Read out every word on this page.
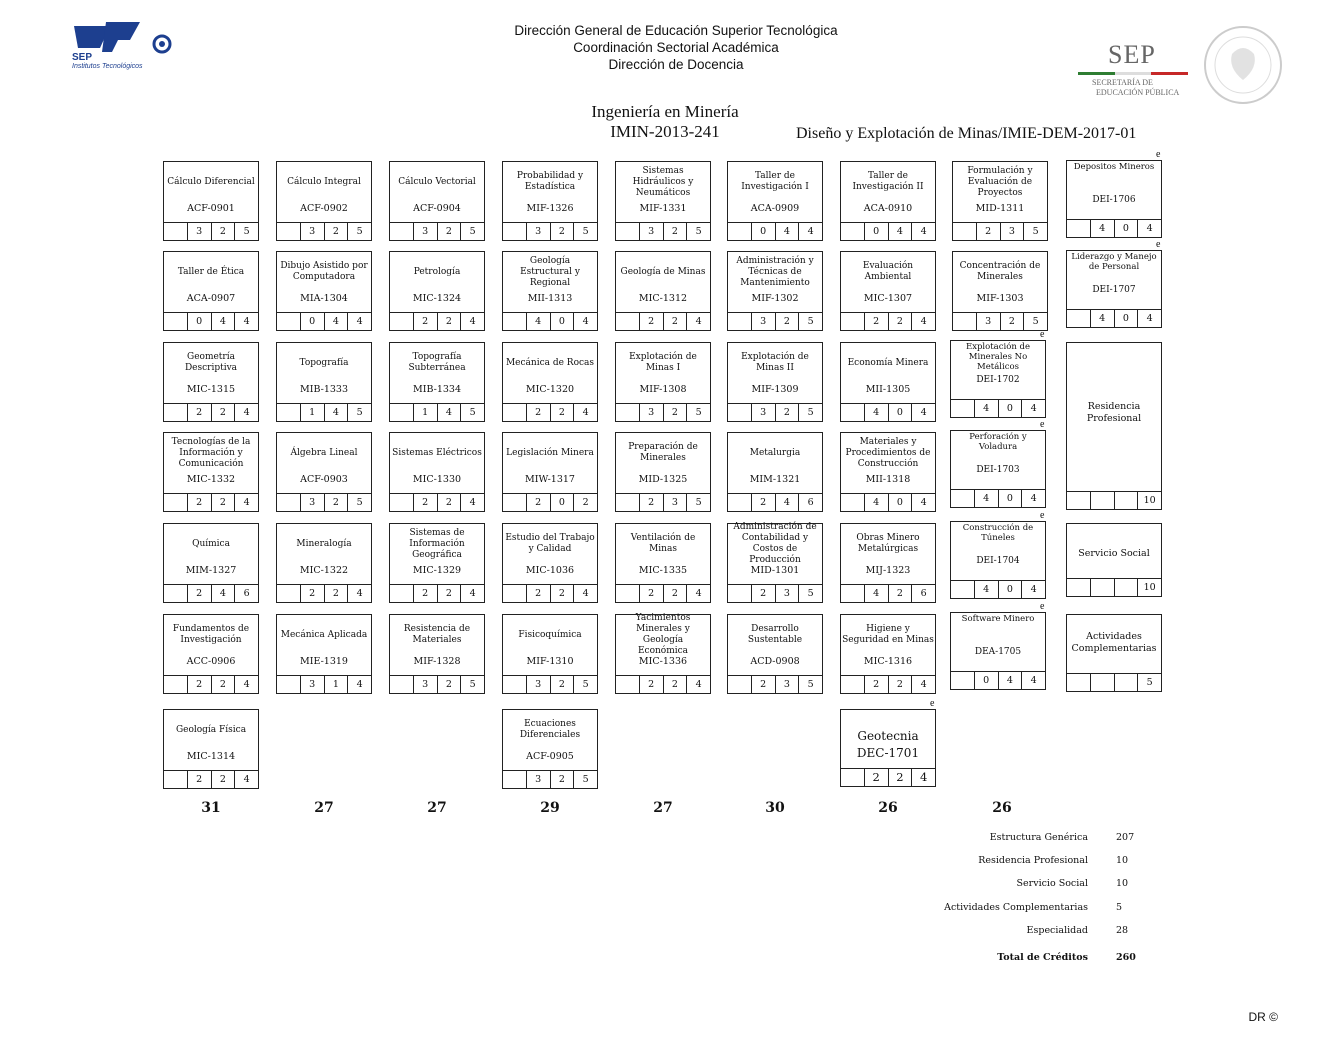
SEP
Institutos Tecnológicos
Dirección General de Educación Superior Tecnológica
Coordinación Sectorial Académica
Dirección de Docencia	SEP
SECRETARÍA DE
EDUCACIÓN PÚBLICA
Ingeniería en Minería
IMIN-2013-241	Diseño y Explotación de Minas/IMIE-DEM-2017-01
Cálculo Diferencial
ACF-0901
3	2	5
Taller de Ética
ACA-0907
0	4	4
Geometría Descriptiva
MIC-1315
2	2	4
Tecnologías de la Información y Comunicación
MIC-1332
2	2	4
Química
MIM-1327
2	4	6
Fundamentos de Investigación
ACC-0906
2	2	4
Geología Física
MIC-1314
2	2	4
31
Cálculo Integral
ACF-0902
3	2	5
Dibujo Asistido por Computadora
MIA-1304
0	4	4
Topografía
MIB-1333
1	4	5
Álgebra Lineal
ACF-0903
3	2	5
Mineralogía
MIC-1322
2	2	4
Mecánica Aplicada
MIE-1319
3	1	4
27
Cálculo Vectorial
ACF-0904
3	2	5
Petrología
MIC-1324
2	2	4
Topografía Subterránea
MIB-1334
1	4	5
Sistemas Eléctricos
MIC-1330
2	2	4
Sistemas de Información Geográfica
MIC-1329
2	2	4
Resistencia de Materiales
MIF-1328
3	2	5
27
Probabilidad y Estadística
MIF-1326
3	2	5
Geología Estructural y Regional
MII-1313
4	0	4
Mecánica de Rocas
MIC-1320
2	2	4
Legislación Minera
MIW-1317
2	0	2
Estudio del Trabajo y Calidad
MIC-1036
2	2	4
Fisicoquímica
MIF-1310
3	2	5
Ecuaciones Diferenciales
ACF-0905
3	2	5
29
Sistemas Hidráulicos y Neumáticos
MIF-1331
3	2	5
Geología de Minas
MIC-1312
2	2	4
Explotación de Minas I
MIF-1308
3	2	5
Preparación de Minerales
MID-1325
2	3	5
Ventilación de Minas
MIC-1335
2	2	4
Yacimientos Minerales y Geología Económica
MIC-1336
2	2	4
27
Taller de Investigación I
ACA-0909
0	4	4
Administración y Técnicas de Mantenimiento
MIF-1302
3	2	5
Explotación de Minas II
MIF-1309
3	2	5
Metalurgia
MIM-1321
2	4	6
Administración de Contabilidad y Costos de Producción
MID-1301
2	3	5
Desarrollo Sustentable
ACD-0908
2	3	5
30
Taller de Investigación II
ACA-0910
0	4	4
Evaluación Ambiental
MIC-1307
2	2	4
Economía Minera
MII-1305
4	0	4
Materiales y Procedimientos de Construcción
MII-1318
4	0	4
Obras Minero Metalúrgicas
MIJ-1323
4	2	6
Higiene y Seguridad en Minas
MIC-1316
2	2	4
Geotecnia
DEC-1701
2	2	4
e
26
Formulación y Evaluación de Proyectos
MID-1311
2	3	5
Concentración de Minerales
MIF-1303
3	2	5
Explotación de Minerales No Metálicos
DEI-1702
4	0	4
e
Perforación y Voladura
DEI-1703
4	0	4
e
Construcción de Túneles
DEI-1704
4	0	4
e
Software Minero
DEA-1705
0	4	4
e
26
Depositos Mineros
DEI-1706
4	0	4
e
Liderazgo y Manejo de Personal
DEI-1707
4	0	4
e
Residencia Profesional
10
Servicio Social
10
Actividades Complementarias
5
Estructura Genérica	207
Residencia Profesional	10
Servicio Social	10
Actividades Complementarias	5
Especialidad	28
Total de Créditos	260
DR ©
